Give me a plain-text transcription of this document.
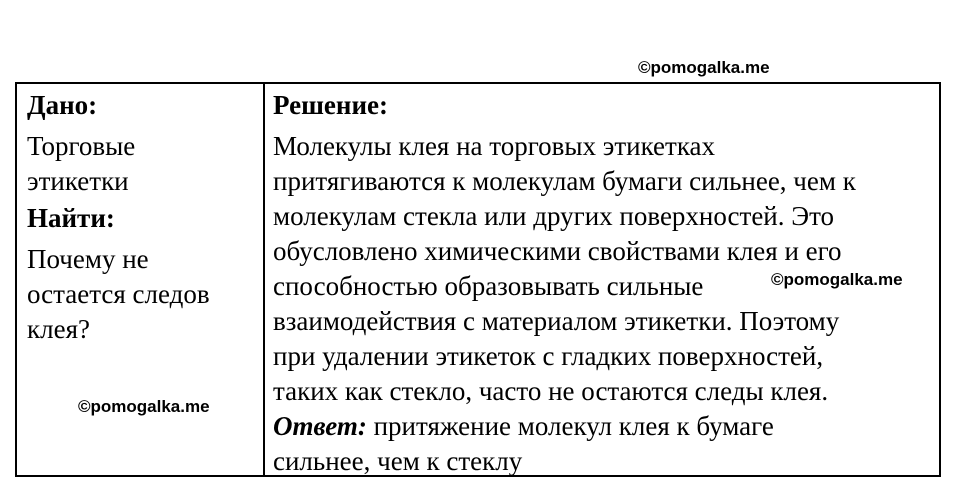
©pomogalka.me
©pomogalka.me
©pomogalka.me
Дано:
Торговые
этикетки
Найти:
Почему не
остается следов
клея?
Решение:
Молекулы клея на торговых этикетках
притягиваются к молекулам бумаги сильнее, чем к
молекулам стекла или других поверхностей. Это
обусловлено химическими свойствами клея и его
способностью образовывать сильные
взаимодействия с материалом этикетки. Поэтому
при удалении этикеток с гладких поверхностей,
таких как стекло, часто не остаются следы клея.
Ответ: притяжение молекул клея к бумаге
сильнее, чем к стеклу
